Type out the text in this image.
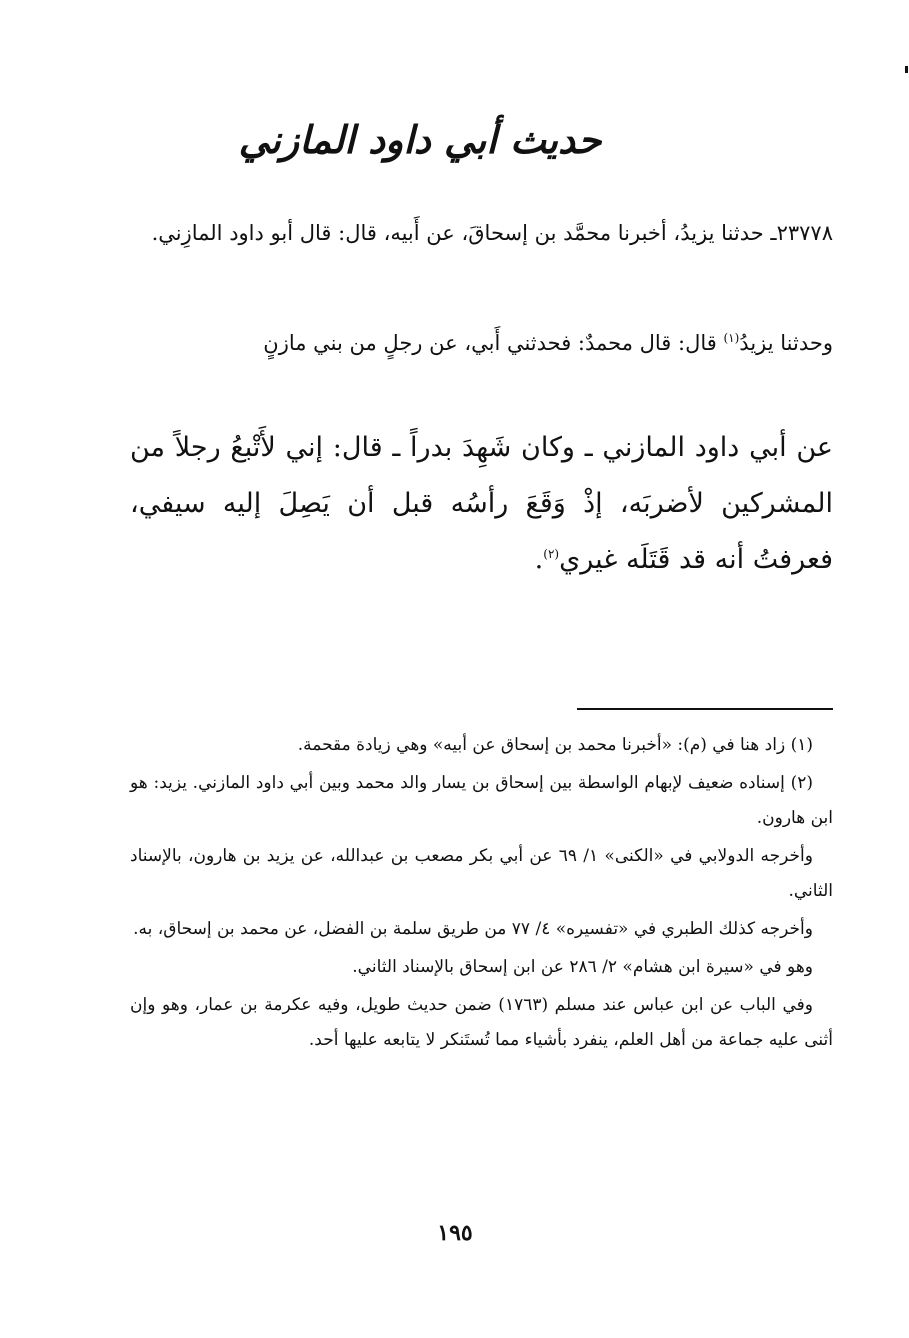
حديث أبي داود المازني

٢٣٧٧٨ـ حدثنا يزيدُ، أخبرنا محمَّد بن إسحاقَ، عن أَبيه، قال: قال أبو داود المازِني.

وحدثنا يزيدُ$^{(١)}$ قال: قال محمدٌ: فحدثني أَبي، عن رجلٍ من بني مازنٍ

عن أبي داود المازني ـ وكان شَهِدَ بدراً ـ قال: إني لأَتْبعُ رجلاً من المشركين لأضربَه، إذْ وَقَعَ رأسُه قبل أن يَصِلَ إليه سيفي، فعرفتُ أنه قد قَتَلَه غيري$^{(٢)}$.

(١) زاد هنا في (م): «أخبرنا محمد بن إسحاق عن أبيه» وهي زيادة مقحمة.

(٢) إسناده ضعيف لإبهام الواسطة بين إسحاق بن يسار والد محمد وبين أبي داود المازني. يزيد: هو ابن هارون.

وأخرجه الدولابي في «الكنى» ١/ ٦٩ عن أبي بكر مصعب بن عبدالله، عن يزيد بن هارون، بالإسناد الثاني.

وأخرجه كذلك الطبري في «تفسيره» ٤/ ٧٧ من طريق سلمة بن الفضل، عن محمد بن إسحاق، به.

وهو في «سيرة ابن هشام» ٢/ ٢٨٦ عن ابن إسحاق بالإسناد الثاني.

وفي الباب عن ابن عباس عند مسلم (١٧٦٣) ضمن حديث طويل، وفيه عكرمة بن عمار، وهو وإن أثنى عليه جماعة من أهل العلم، ينفرد بأشياء مما تُستَنكر لا يتابعه عليها أحد.

١٩٥
